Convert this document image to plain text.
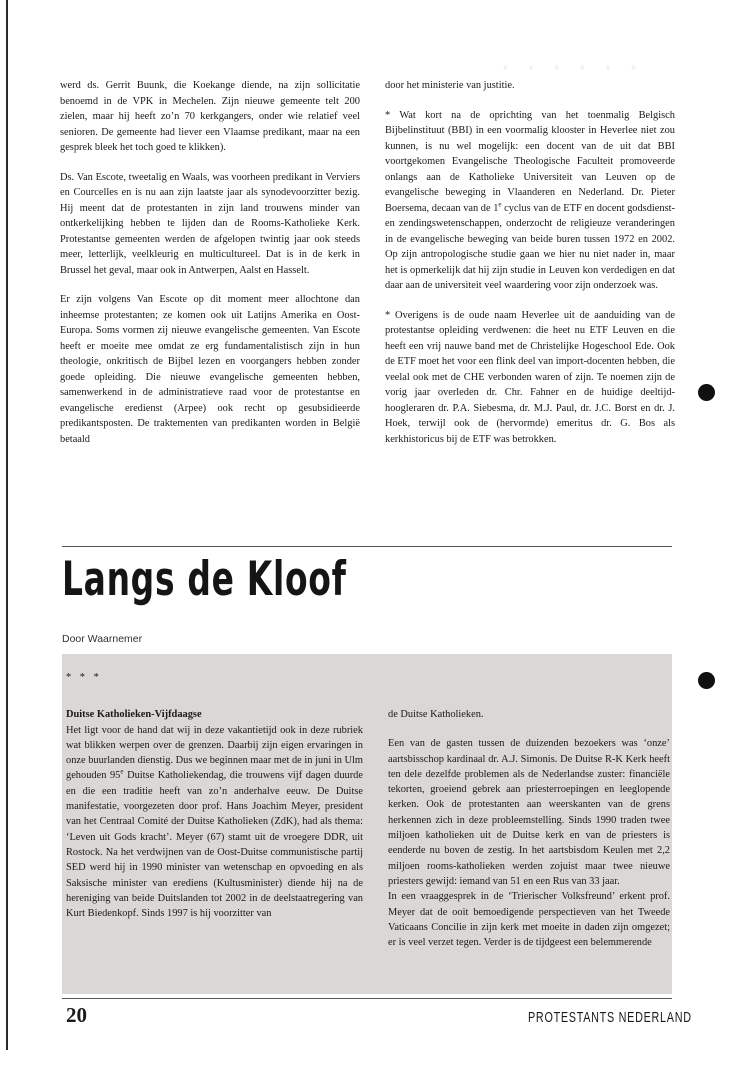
· · · · · ·

werd ds. Gerrit Buunk, die Koekange diende, na zijn sollicitatie benoemd in de VPK in Mechelen. Zijn nieuwe gemeente telt 200 zielen, maar hij heeft zo’n 70 kerkgangers, onder wie relatief veel senioren. De gemeente had liever een Vlaamse predikant, maar na een gesprek bleek het toch goed te klikken).

Ds. Van Escote, tweetalig en Waals, was voorheen predikant in Verviers en Courcelles en is nu aan zijn laatste jaar als synodevoorzitter bezig. Hij meent dat de protestanten in zijn land trouwens minder van ontkerkelijking hebben te lijden dan de Rooms-Katholieke Kerk. Protestantse gemeenten werden de afgelopen twintig jaar ook steeds meer, letterlijk, veelkleurig en multicultureel. Dat is in de kerk in Brussel het geval, maar ook in Antwerpen, Aalst en Hasselt.

Er zijn volgens Van Escote op dit moment meer allochtone dan inheemse protestanten; ze komen ook uit Latijns Amerika en Oost-Europa. Soms vormen zij nieuwe evangelische gemeenten. Van Escote heeft er moeite mee omdat ze erg fundamentalistisch zijn in hun theologie, onkritisch de Bijbel lezen en voorgangers hebben zonder goede opleiding. Die nieuwe evangelische gemeenten hebben, samenwerkend in de administratieve raad voor de protestantse en evangelische eredienst (Arpee) ook recht op gesubsidieerde predikantsposten. De traktementen van predikanten worden in België betaald

door het ministerie van justitie.

* Wat kort na de oprichting van het toenmalig Belgisch Bijbelinstituut (BBI) in een voormalig klooster in Heverlee niet zou kunnen, is nu wel mogelijk: een docent van de uit dat BBI voortgekomen Evangelische Theologische Faculteit promoveerde onlangs aan de Katholieke Universiteit van Leuven op de evangelische beweging in Vlaanderen en Nederland. Dr. Pieter Boersema, decaan van de 1e cyclus van de ETF en docent godsdienst- en zendingswetenschappen, onderzocht de religieuze veranderingen in de evangelische beweging van beide buren tussen 1972 en 2002. Op zijn antropologische studie gaan we hier nu niet nader in, maar het is opmerkelijk dat hij zijn studie in Leuven kon verdedigen en dat daar aan de universiteit veel waardering voor zijn onderzoek was.

* Overigens is de oude naam Heverlee uit de aanduiding van de protestantse opleiding verdwenen: die heet nu ETF Leuven en die heeft een vrij nauwe band met de Christelijke Hogeschool Ede. Ook de ETF moet het voor een flink deel van import-docenten hebben, die veelal ook met de CHE verbonden waren of zijn. Te noemen zijn de vorig jaar overleden dr. Chr. Fahner en de huidige deeltijd-hoogleraren dr. P.A. Siebesma, dr. M.J. Paul, dr. J.C. Borst en dr. J. Hoek, terwijl ook de (hervormde) emeritus dr. G. Bos als kerkhistoricus bij de ETF was betrokken.

Langs de Kloof
Door Waarnemer

* * *

Duitse Katholieken-Vijfdaagse

Het ligt voor de hand dat wij in deze vakantietijd ook in deze rubriek wat blikken werpen over de grenzen. Daarbij zijn eigen ervaringen in onze buurlanden dienstig. Dus we beginnen maar met de in juni in Ulm gehouden 95e Duitse Katholiekendag, die trouwens vijf dagen duurde en die een traditie heeft van zo’n anderhalve eeuw. De Duitse manifestatie, voorgezeten door prof. Hans Joachim Meyer, president van het Centraal Comité der Duitse Katholieken (ZdK), had als thema: ‘Leven uit Gods kracht’. Meyer (67) stamt uit de vroegere DDR, uit Rostock. Na het verdwijnen van de Oost-Duitse communistische partij SED werd hij in 1990 minister van wetenschap en opvoeding en als Saksische minister van erediens (Kultusminister) diende hij na de hereniging van beide Duitslanden tot 2002 in de deelstaatregering van Kurt Biedenkopf. Sinds 1997 is hij voorzitter van

de Duitse Katholieken.

Een van de gasten tussen de duizenden bezoekers was ‘onze’ aartsbisschop kardinaal dr. A.J. Simonis. De Duitse R-K Kerk heeft ten dele dezelfde problemen als de Nederlandse zuster: financiële tekorten, groeiend gebrek aan priesterroepingen en leeglopende kerken. Ook de protestanten aan weerskanten van de grens herkennen zich in deze probleemstelling. Sinds 1990 traden twee miljoen katholieken uit de Duitse kerk en van de priesters is eenderde nu boven de zestig. In het aartsbisdom Keulen met 2,2 miljoen rooms-katholieken werden zojuist maar twee nieuwe priesters gewijd: iemand van 51 en een Rus van 33 jaar.

In een vraaggesprek in de ‘Trierischer Volksfreund’ erkent prof. Meyer dat de ooit bemoedigende perspectieven van het Tweede Vaticaans Concilie in zijn kerk met moeite in daden zijn omgezet; er is veel verzet tegen. Verder is de tijdgeest een belemmerende

20	PROTESTANTS NEDERLAND
